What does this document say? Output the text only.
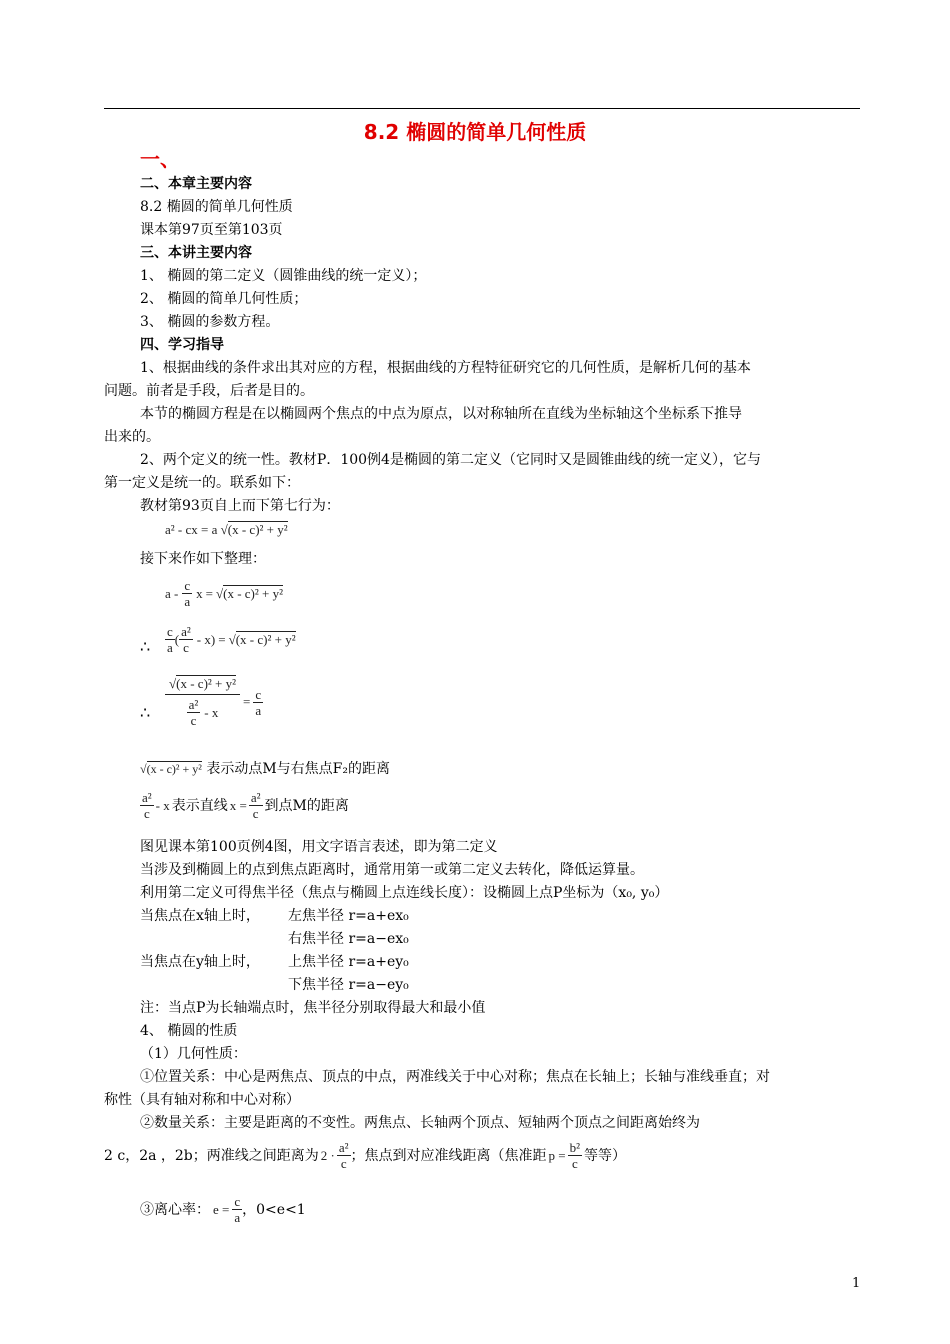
8.2 椭圆的简单几何性质
一、
二、本章主要内容
8.2 椭圆的简单几何性质
课本第97页至第103页
三、本讲主要内容
1、 椭圆的第二定义（圆锥曲线的统一定义）；
2、 椭圆的简单几何性质；
3、 椭圆的参数方程。
四、学习指导
1、根据曲线的条件求出其对应的方程，根据曲线的方程特征研究它的几何性质，是解析几何的基本
问题。前者是手段，后者是目的。
本节的椭圆方程是在以椭圆两个焦点的中点为原点，以对称轴所在直线为坐标轴这个坐标系下推导
出来的。
2、两个定义的统一性。教材P．100例4是椭圆的第二定义（它同时又是圆锥曲线的统一定义），它与
第一定义是统一的。联系如下：
教材第93页自上而下第七行为：
a² - cx = a √(x - c)² + y²
接下来作如下整理：
a - $\frac{c}{a}$ x = √ (x - c)² + y²
∴ $\frac{c}{a}$ ( $\frac{\text{a²}}{c} - x$) = √ (x - c)² + y²
∴ $\frac{\text{√(x - c)² + y²}}{\frac{\text{a²}}{c} - x} = \frac{c}{a}$
√(x - c)² + y² 表示动点M与右焦点F₂的距离
$\frac{\text{a²}}{c}$ - x 表示直线 $x = \frac{\text{a²}}{c}$ 到点M的距离
图见课本第100页例4图，用文字语言表述，即为第二定义
当涉及到椭圆上的点到焦点距离时，通常用第一或第二定义去转化，降低运算量。
利用第二定义可得焦半径（焦点与椭圆上点连线长度）：设椭圆上点P坐标为（x₀, y₀）
当焦点在x轴上时， 左焦半径 r=a+ex₀
右焦半径 r=a−ex₀
当焦点在y轴上时， 上焦半径 r=a+ey₀
下焦半径 r=a−ey₀
注：当点P为长轴端点时，焦半径分别取得最大和最小值
4、 椭圆的性质
（1）几何性质：
①位置关系：中心是两焦点、顶点的中点，两准线关于中心对称；焦点在长轴上；长轴与准线垂直；对
称性（具有轴对称和中心对称）
②数量关系：主要是距离的不变性。两焦点、长轴两个顶点、短轴两个顶点之间距离始终为
2 c，2a ，2b；两准线之间距离为 $2 \cdot \frac{\text{a²}}{c}$ ；焦点到对应准线距离（焦准距 $p = \frac{\text{b²}}{c}$ 等等）
③离心率： $e = \frac{c}{a}$ ，0<e<1
1
